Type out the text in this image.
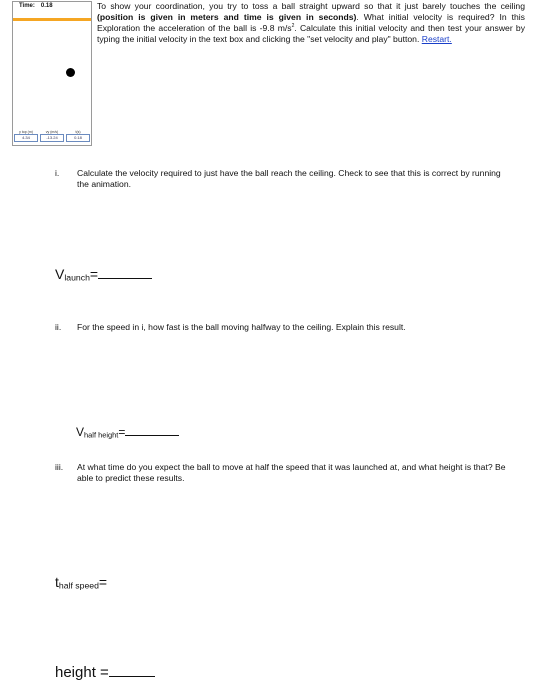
Time: 0.18
y top (m)
4.34
vy (m/s)
-13.24
t(s)
0.18
To show your coordination, you try to toss a ball straight upward so that it just barely touches the ceiling (position is given in meters and time is given in seconds). What initial velocity is required? In this Exploration the acceleration of the ball is -9.8 $m/s^2$. Calculate this initial velocity and then test your answer by typing the initial velocity in the text box and clicking the "set velocity and play" button. Restart.
i. Calculate the velocity required to just have the ball reach the ceiling. Check to see that this is correct by running the animation.
Vlaunch=
ii. For the speed in i, how fast is the ball moving halfway to the ceiling. Explain this result.
Vhalf height=
iii. At what time do you expect the ball to move at half the speed that it was launched at, and what height is that? Be able to predict these results.
thalf speed=
height =
